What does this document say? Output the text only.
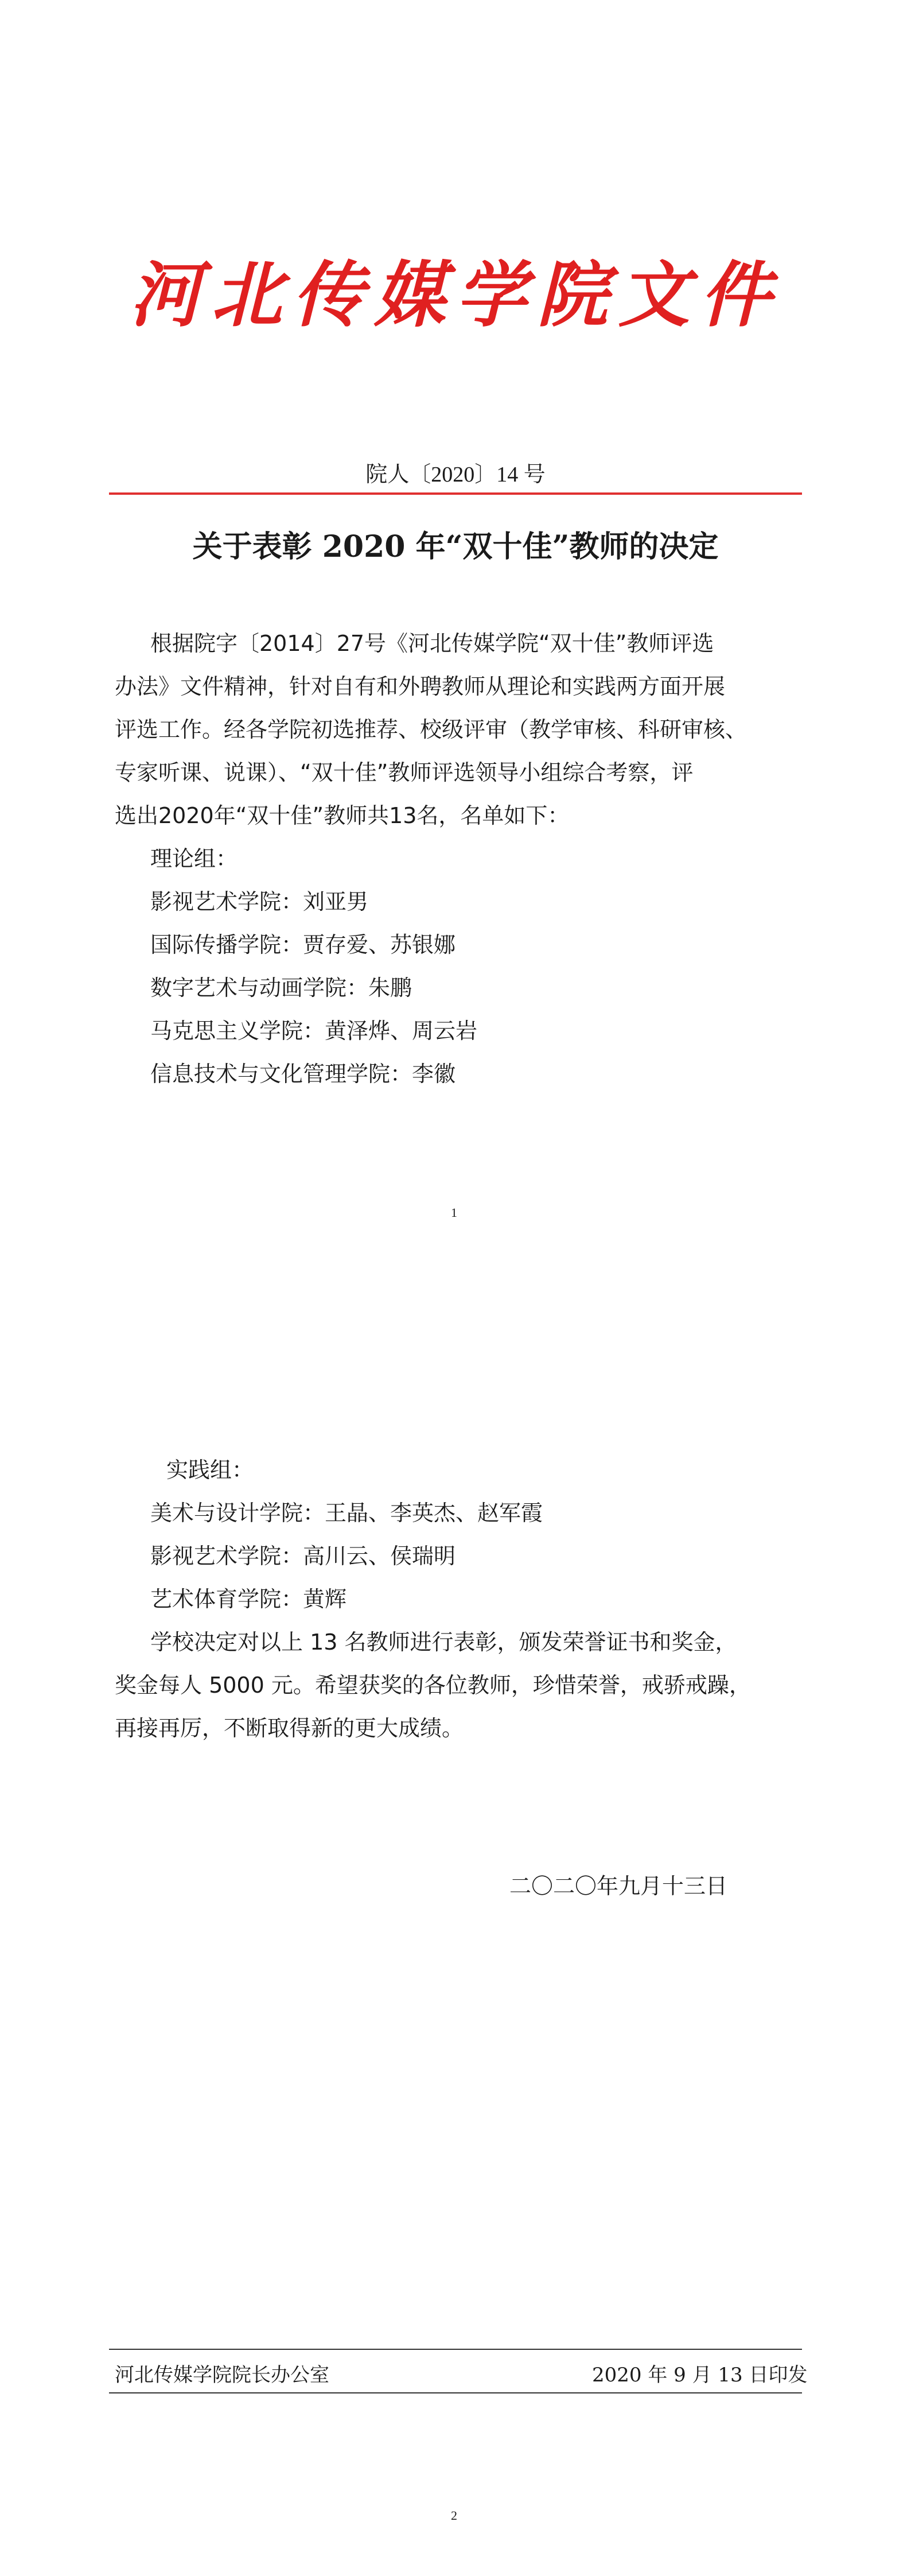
河北传媒学院文件
院人〔2020〕14 号
关于表彰 2020 年“双十佳”教师的决定
根据院字〔2014〕27号《河北传媒学院“双十佳”教师评选
办法》文件精神，针对自有和外聘教师从理论和实践两方面开展
评选工作。经各学院初选推荐、校级评审（教学审核、科研审核、
专家听课、说课）、“双十佳”教师评选领导小组综合考察，评
选出2020年“双十佳”教师共13名，名单如下：
理论组：
影视艺术学院：刘亚男
国际传播学院：贾存爱、苏银娜
数字艺术与动画学院：朱鹏
马克思主义学院：黄泽烨、周云岩
信息技术与文化管理学院：李徽
1
实践组：
美术与设计学院：王晶、李英杰、赵军霞
影视艺术学院：高川云、侯瑞明
艺术体育学院：黄辉
学校决定对以上 13 名教师进行表彰，颁发荣誉证书和奖金，
奖金每人 5000 元。希望获奖的各位教师，珍惜荣誉，戒骄戒躁，
再接再厉，不断取得新的更大成绩。
二〇二〇年九月十三日
河北传媒学院院长办公室	2020 年 9 月 13 日印发
2
